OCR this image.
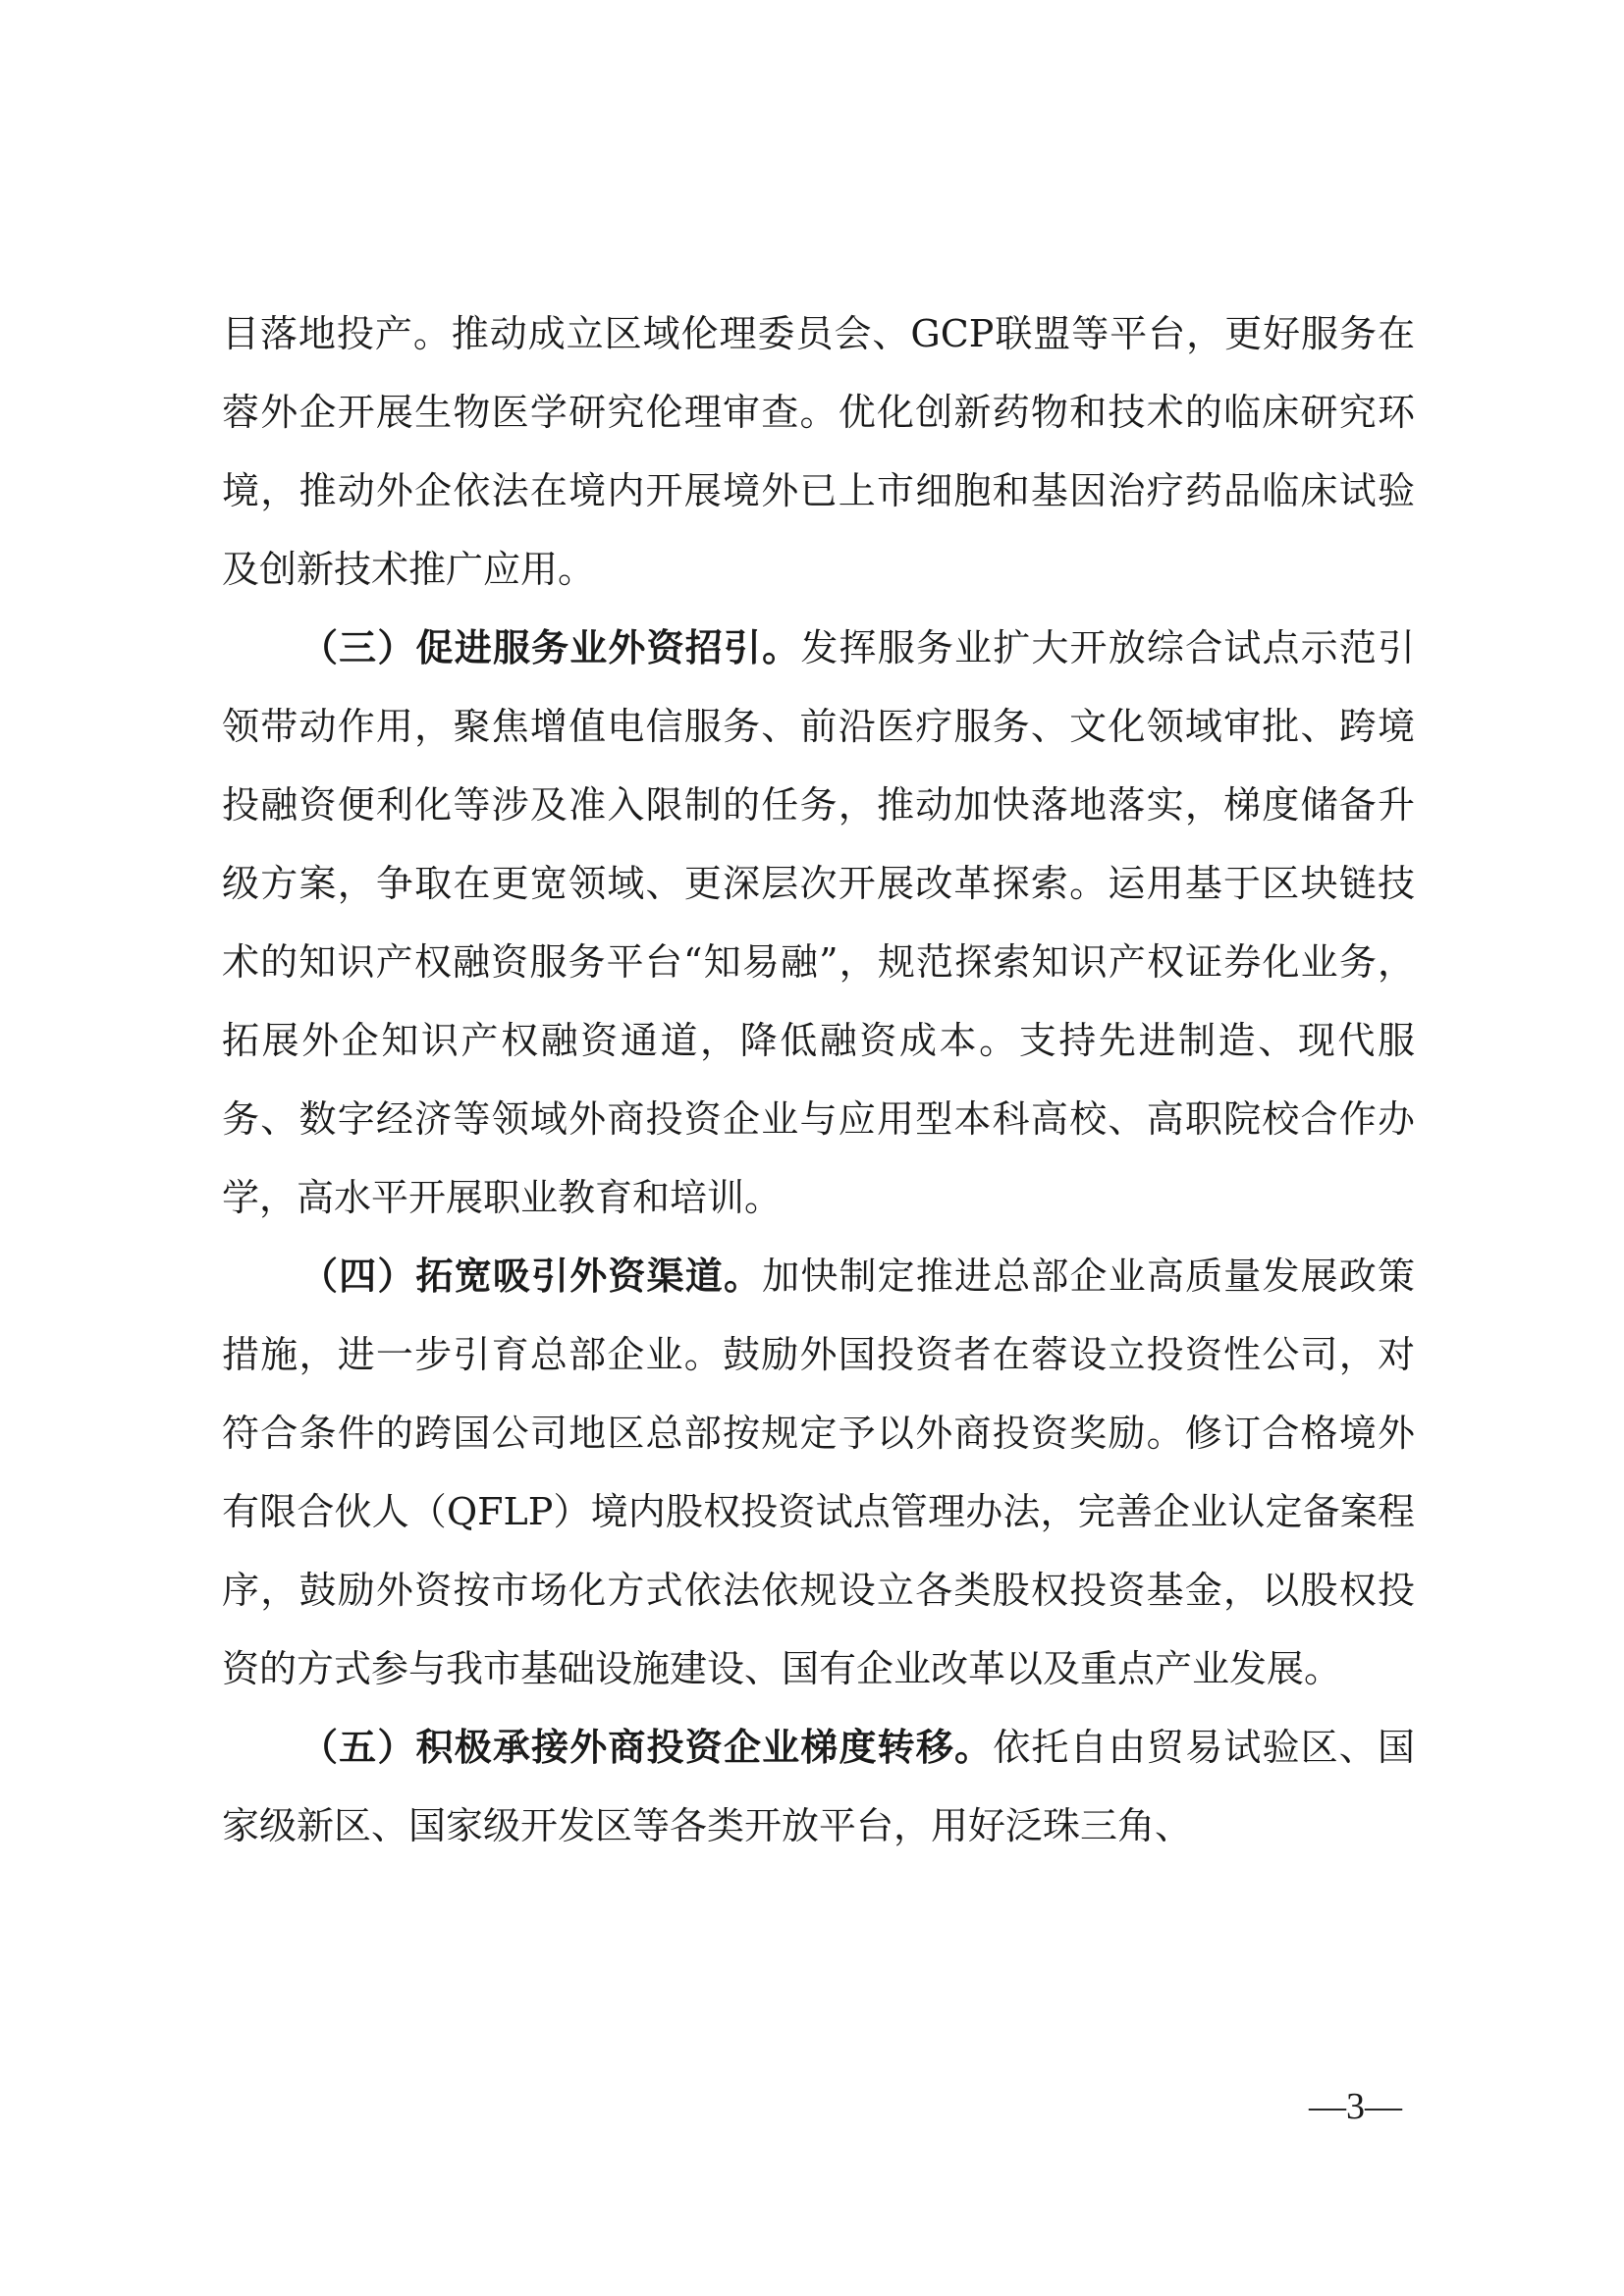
目落地投产。推动成立区域伦理委员会、GCP联盟等平台，更好服务在蓉外企开展生物医学研究伦理审查。优化创新药物和技术的临床研究环境，推动外企依法在境内开展境外已上市细胞和基因治疗药品临床试验及创新技术推广应用。

（三）促进服务业外资招引。发挥服务业扩大开放综合试点示范引领带动作用，聚焦增值电信服务、前沿医疗服务、文化领域审批、跨境投融资便利化等涉及准入限制的任务，推动加快落地落实，梯度储备升级方案，争取在更宽领域、更深层次开展改革探索。运用基于区块链技术的知识产权融资服务平台“知易融”，规范探索知识产权证券化业务，拓展外企知识产权融资通道，降低融资成本。支持先进制造、现代服务、数字经济等领域外商投资企业与应用型本科高校、高职院校合作办学，高水平开展职业教育和培训。

（四）拓宽吸引外资渠道。加快制定推进总部企业高质量发展政策措施，进一步引育总部企业。鼓励外国投资者在蓉设立投资性公司，对符合条件的跨国公司地区总部按规定予以外商投资奖励。修订合格境外有限合伙人（QFLP）境内股权投资试点管理办法，完善企业认定备案程序，鼓励外资按市场化方式依法依规设立各类股权投资基金，以股权投资的方式参与我市基础设施建设、国有企业改革以及重点产业发展。

（五）积极承接外商投资企业梯度转移。依托自由贸易试验区、国家级新区、国家级开发区等各类开放平台，用好泛珠三角、

—3—
